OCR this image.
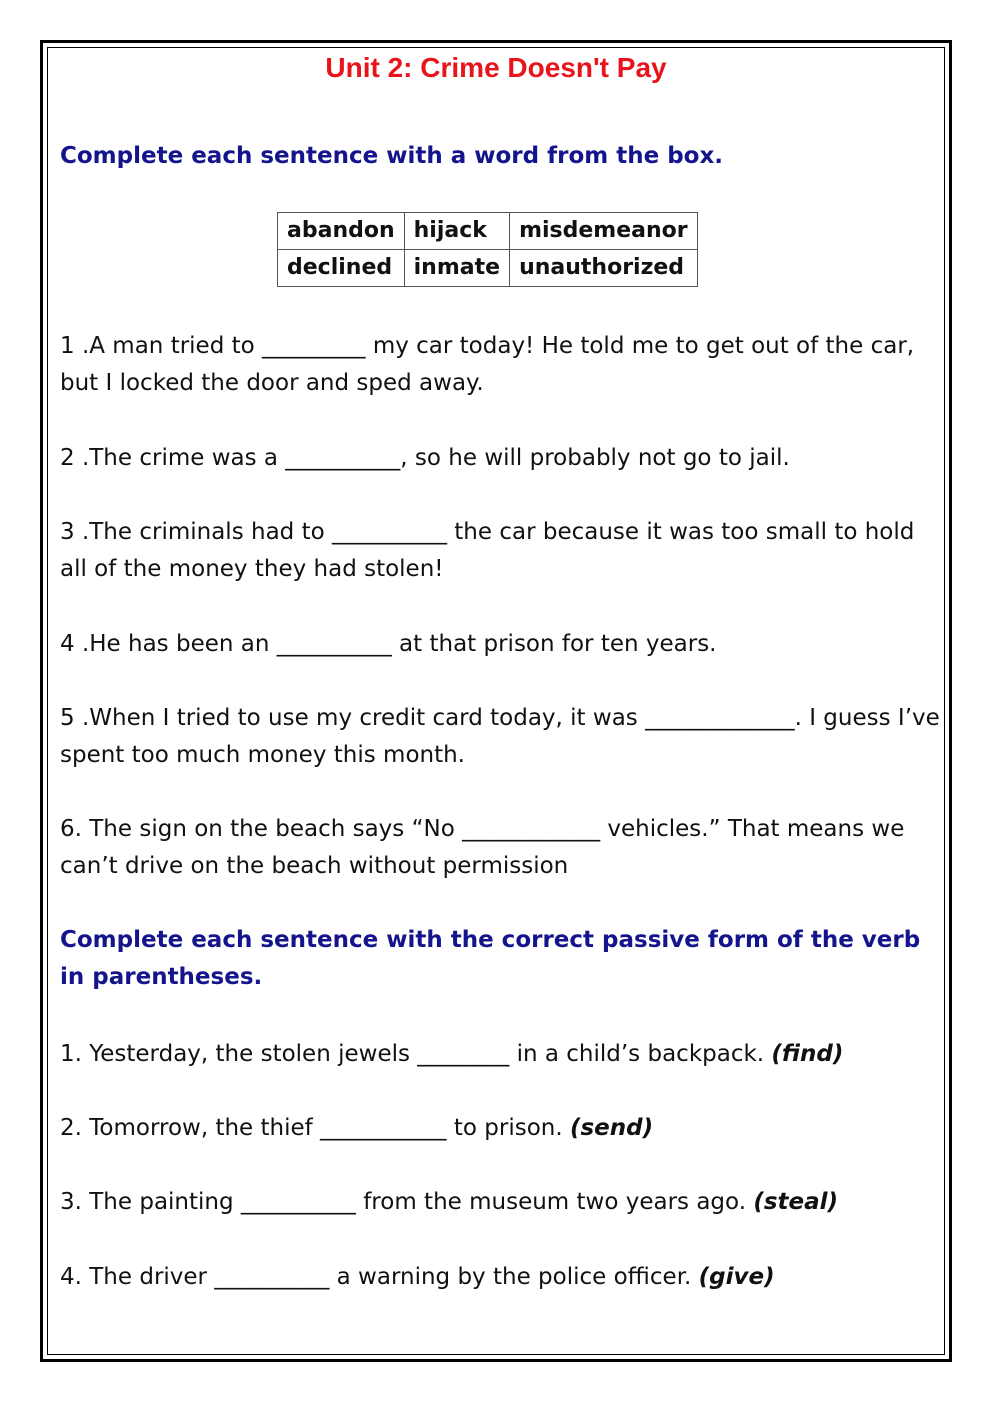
Unit 2: Crime Doesn't Pay

Complete each sentence with a word from the box.

abandon	hijack	misdemeanor
declined	inmate	unauthorized

1 .A man tried to _________ my car today! He told me to get out of the car, but I locked the door and sped away.

2 .The crime was a __________, so he will probably not go to jail.

3 .The criminals had to __________ the car because it was too small to hold all of the money they had stolen!

4 .He has been an __________ at that prison for ten years.

5 .When I tried to use my credit card today, it was _____________. I guess I’ve spent too much money this month.

6. The sign on the beach says “No ____________ vehicles.” That means we can’t drive on the beach without permission

Complete each sentence with the correct passive form of the verb in parentheses.

1. Yesterday, the stolen jewels ________ in a child’s backpack. (find)

2. Tomorrow, the thief ___________ to prison. (send)

3. The painting __________ from the museum two years ago. (steal)

4. The driver __________ a warning by the police officer. (give)
